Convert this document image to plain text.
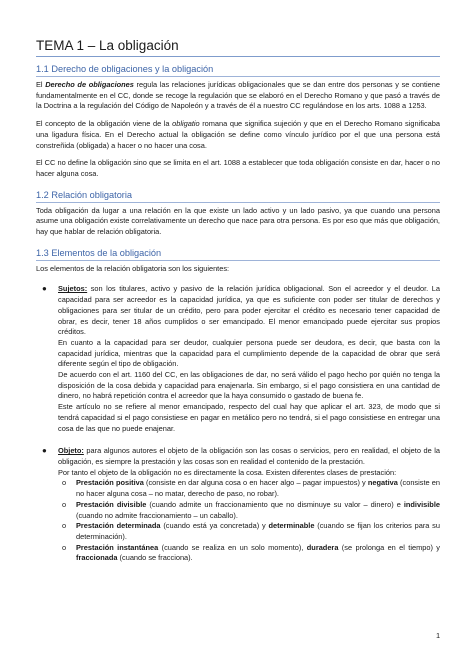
TEMA 1 – La obligación
1.1 Derecho de obligaciones y la obligación

El Derecho de obligaciones regula las relaciones jurídicas obligacionales que se dan entre dos personas y se contiene fundamentalmente en el CC, donde se recoge la regulación que se elaboró en el Derecho Romano y que pasó a través de la Doctrina a la regulación del Código de Napoleón y a través de él a nuestro CC regulándose en los arts. 1088 a 1253.

El concepto de la obligación viene de la obligatio romana que significa sujeción y que en el Derecho Romano significaba una ligadura física. En el Derecho actual la obligación se define como vínculo jurídico por el que una persona está constreñida (obligada) a hacer o no hacer una cosa.

El CC no define la obligación sino que se limita en el art. 1088 a establecer que toda obligación consiste en dar, hacer o no hacer alguna cosa.

1.2 Relación obligatoria

Toda obligación da lugar a una relación en la que existe un lado activo y un lado pasivo, ya que cuando una persona asume una obligación existe correlativamente un derecho que nace para otra persona. Es por eso que más que obligación, hay que hablar de relación obligatoria.

1.3 Elementos de la obligación

Los elementos de la relación obligatoria son los siguientes:

● Sujetos: son los titulares, activo y pasivo de la relación jurídica obligacional. Son el acreedor y el deudor. La capacidad para ser acreedor es la capacidad jurídica, ya que es suficiente con poder ser titular de derechos y obligaciones para ser titular de un crédito, pero para poder ejercitar el crédito es necesario tener capacidad de obrar, es decir, tener 18 años cumplidos o ser emancipado. El menor emancipado puede ejercitar sus propios créditos.

En cuanto a la capacidad para ser deudor, cualquier persona puede ser deudora, es decir, que basta con la capacidad jurídica, mientras que la capacidad para el cumplimiento depende de la capacidad de obrar que será diferente según el tipo de obligación.

De acuerdo con el art. 1160 del CC, en las obligaciones de dar, no será válido el pago hecho por quién no tenga la disposición de la cosa debida y capacidad para enajenarla. Sin embargo, si el pago consistiera en una cantidad de dinero, no habrá repetición contra el acreedor que la haya consumido o gastado de buena fe.

Este artículo no se refiere al menor emancipado, respecto del cual hay que aplicar el art. 323, de modo que si tendrá capacidad si el pago consistiese en pagar en metálico pero no tendrá, si el pago consistiese en entregar una cosa de las que no puede enajenar.

● Objeto: para algunos autores el objeto de la obligación son las cosas o servicios, pero en realidad, el objeto de la obligación, es siempre la prestación y las cosas son en realidad el contenido de la prestación.

Por tanto el objeto de la obligación no es directamente la cosa. Existen diferentes clases de prestación:

o Prestación positiva (consiste en dar alguna cosa o en hacer algo – pagar impuestos) y negativa (consiste en no hacer alguna cosa – no matar, derecho de paso, no robar).
o Prestación divisible (cuando admite un fraccionamiento que no disminuye su valor – dinero) e indivisible (cuando no admite fraccionamiento – un caballo).
o Prestación determinada (cuando está ya concretada) y determinable (cuando se fijan los criterios para su determinación).
o Prestación instantánea (cuando se realiza en un solo momento), duradera (se prolonga en el tiempo) y fraccionada (cuando se fracciona).
1
